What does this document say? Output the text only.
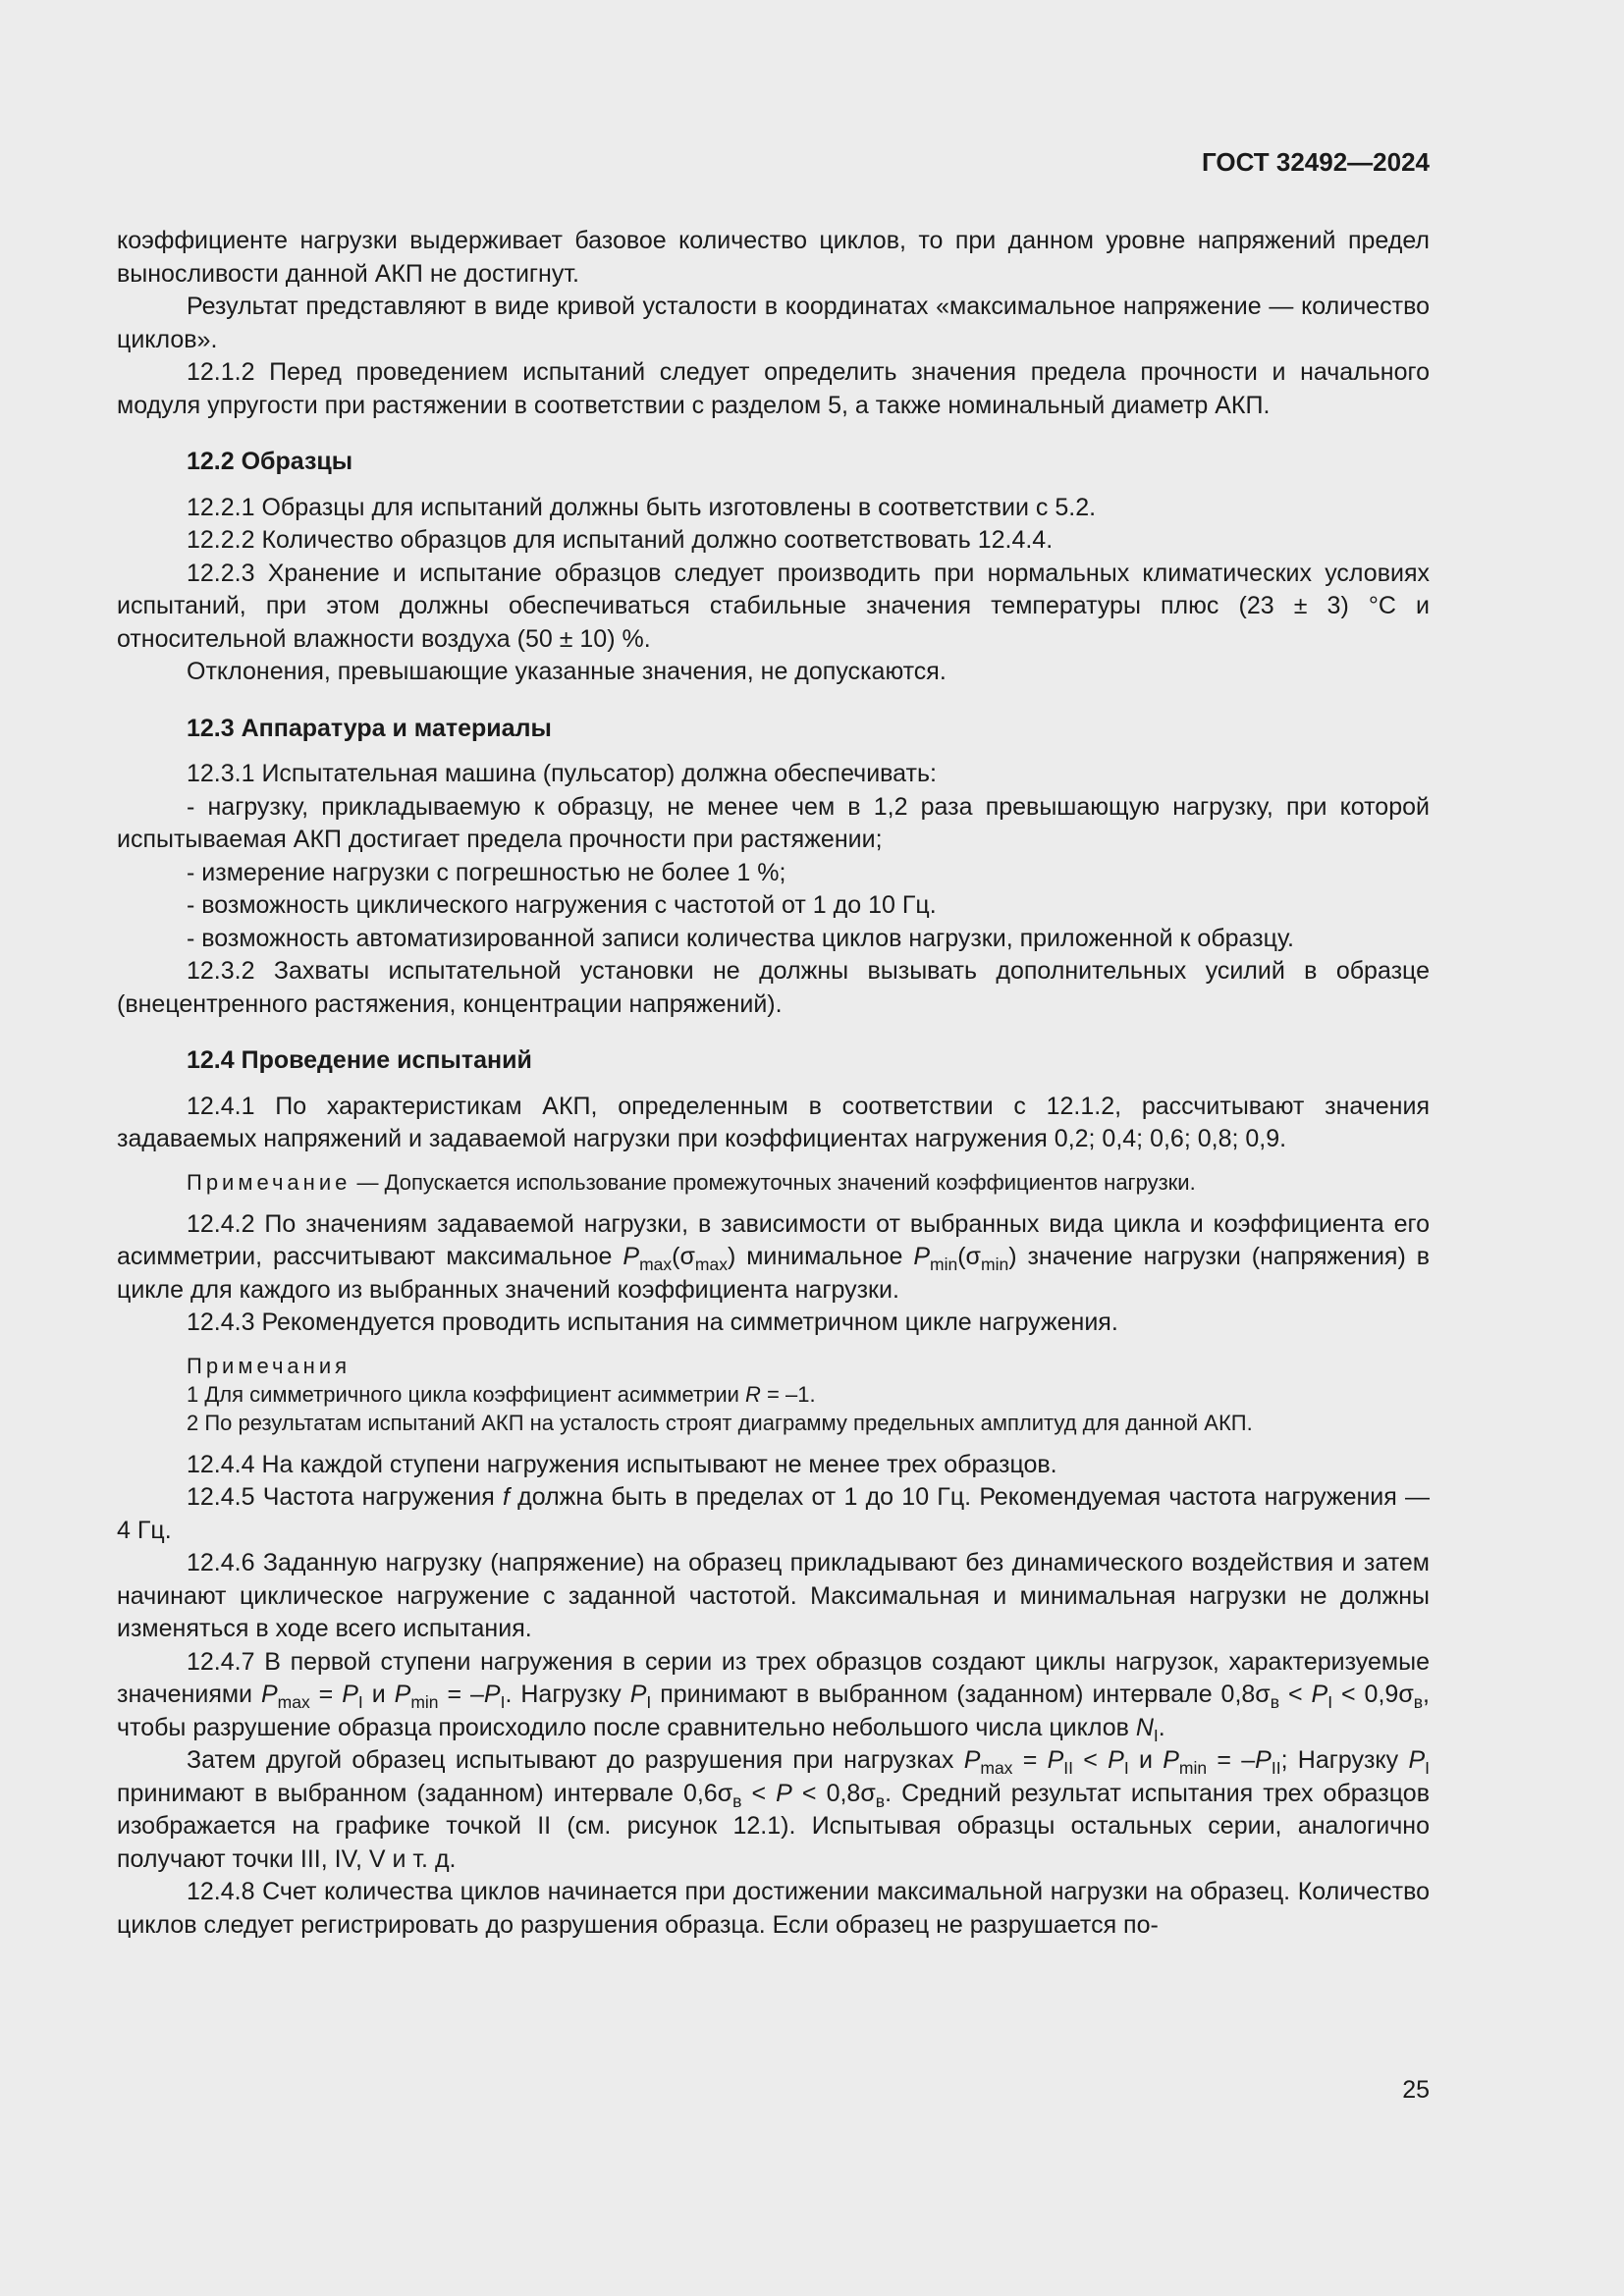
ГОСТ 32492—2024

коэффициенте нагрузки выдерживает базовое количество циклов, то при данном уровне напряжений предел выносливости данной АКП не достигнут.

Результат представляют в виде кривой усталости в координатах «максимальное напряжение — количество циклов».

12.1.2 Перед проведением испытаний следует определить значения предела прочности и начального модуля упругости при растяжении в соответствии с разделом 5, а также номинальный диаметр АКП.

12.2 Образцы

12.2.1 Образцы для испытаний должны быть изготовлены в соответствии с 5.2.

12.2.2 Количество образцов для испытаний должно соответствовать 12.4.4.

12.2.3 Хранение и испытание образцов следует производить при нормальных климатических условиях испытаний, при этом должны обеспечиваться стабильные значения температуры плюс (23 ± 3) °С и относительной влажности воздуха (50 ± 10) %.

Отклонения, превышающие указанные значения, не допускаются.

12.3 Аппаратура и материалы

12.3.1 Испытательная машина (пульсатор) должна обеспечивать:

- нагрузку, прикладываемую к образцу, не менее чем в 1,2 раза превышающую нагрузку, при которой испытываемая АКП достигает предела прочности при растяжении;

- измерение нагрузки с погрешностью не более 1 %;

- возможность циклического нагружения с частотой от 1 до 10 Гц.

- возможность автоматизированной записи количества циклов нагрузки, приложенной к образцу.

12.3.2 Захваты испытательной установки не должны вызывать дополнительных усилий в образце (внецентренного растяжения, концентрации напряжений).

12.4 Проведение испытаний

12.4.1 По характеристикам АКП, определенным в соответствии с 12.1.2, рассчитывают значения задаваемых напряжений и задаваемой нагрузки при коэффициентах нагружения 0,2; 0,4; 0,6; 0,8; 0,9.

Примечание — Допускается использование промежуточных значений коэффициентов нагрузки.

12.4.2 По значениям задаваемой нагрузки, в зависимости от выбранных вида цикла и коэффициента его асимметрии, рассчитывают максимальное $P_{max}(\sigma_{max})$ минимальное $P_{min}(\sigma_{min})$ значение нагрузки (напряжения) в цикле для каждого из выбранных значений коэффициента нагрузки.

12.4.3 Рекомендуется проводить испытания на симметричном цикле нагружения.

Примечания

1 Для симметричного цикла коэффициент асимметрии R = –1.

2 По результатам испытаний АКП на усталость строят диаграмму предельных амплитуд для данной АКП.

12.4.4 На каждой ступени нагружения испытывают не менее трех образцов.

12.4.5 Частота нагружения f должна быть в пределах от 1 до 10 Гц. Рекомендуемая частота нагружения — 4 Гц.

12.4.6 Заданную нагрузку (напряжение) на образец прикладывают без динамического воздействия и затем начинают циклическое нагружение с заданной частотой. Максимальная и минимальная нагрузки не должны изменяться в ходе всего испытания.

12.4.7 В первой ступени нагружения в серии из трех образцов создают циклы нагрузок, характеризуемые значениями $P_{max} = P_I$ и $P_{min} = -P_I$. Нагрузку $P_I$ принимают в выбранном (заданном) интервале $0,8\sigma_в < P_I < 0,9\sigma_в$, чтобы разрушение образца происходило после сравнительно небольшого числа циклов $N_I$.

Затем другой образец испытывают до разрушения при нагрузках $P_{max} = P_{II} < P_I$ и $P_{min} = -P_{II}$; Нагрузку $P_I$ принимают в выбранном (заданном) интервале $0,6\sigma_в < P < 0,8\sigma_в$. Средний результат испытания трех образцов изображается на графике точкой II (см. рисунок 12.1). Испытывая образцы остальных серии, аналогично получают точки III, IV, V и т. д.

12.4.8 Счет количества циклов начинается при достижении максимальной нагрузки на образец. Количество циклов следует регистрировать до разрушения образца. Если образец не разрушается по-

25
